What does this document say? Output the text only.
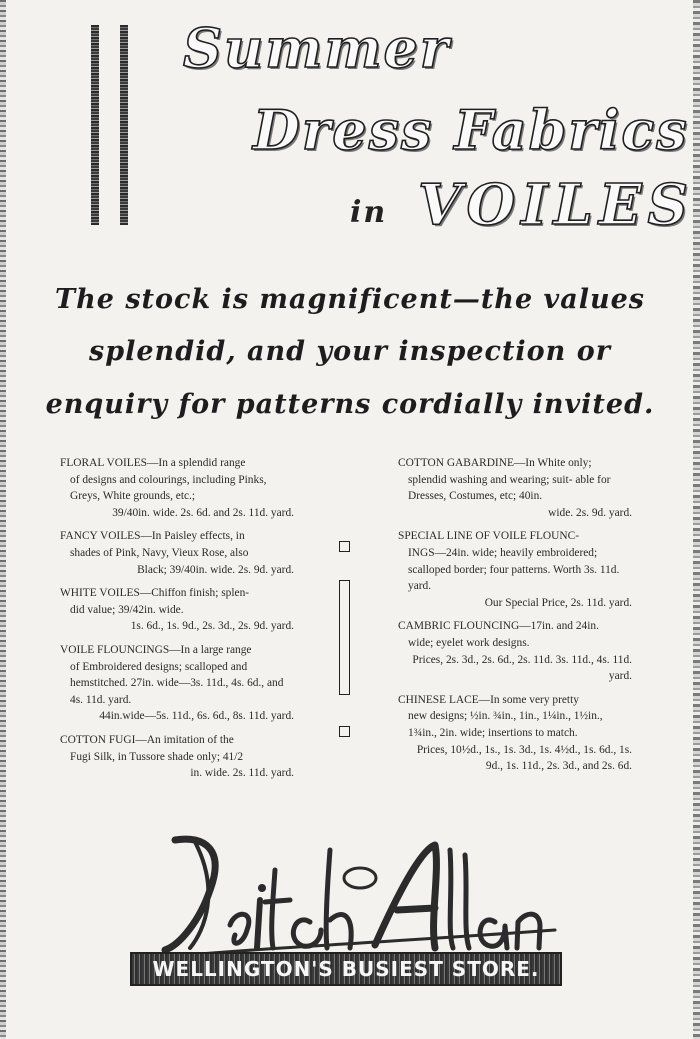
Summer
Dress Fabrics
in VOILES

The stock is magnificent—the values

splendid, and your inspection or

enquiry for patterns cordially invited.

FLORAL VOILES—In a splendid range
of designs and colourings, including Pinks, Greys, White grounds, etc.;
39/40in. wide. 2s. 6d. and 2s. 11d. yard.
FANCY VOILES—In Paisley effects, in
shades of Pink, Navy, Vieux Rose, also
Black; 39/40in. wide. 2s. 9d. yard.
WHITE VOILES—Chiffon finish; splen-
did value; 39/42in. wide.
1s. 6d., 1s. 9d., 2s. 3d., 2s. 9d. yard.
VOILE FLOUNCINGS—In a large range
of Embroidered designs; scalloped and hemstitched. 27in. wide—3s. 11d., 4s. 6d., and 4s. 11d. yard.
44in.wide—5s. 11d., 6s. 6d., 8s. 11d. yard.
COTTON FUGI—An imitation of the
Fugi Silk, in Tussore shade only; 41/2
in. wide. 2s. 11d. yard.
COTTON GABARDINE—In White only;
splendid washing and wearing; suit- able for Dresses, Costumes, etc; 40in.
wide. 2s. 9d. yard.
SPECIAL LINE OF VOILE FLOUNC-
INGS—24in. wide; heavily embroidered; scalloped border; four patterns. Worth 3s. 11d. yard.
Our Special Price, 2s. 11d. yard.
CAMBRIC FLOUNCING—17in. and 24in.
wide; eyelet work designs.
Prices, 2s. 3d., 2s. 6d., 2s. 11d. 3s. 11d., 4s. 11d. yard.
CHINESE LACE—In some very pretty
new designs; ½in. ¾in., 1in., 1¼in., 1½in., 1¾in., 2in. wide; insertions to match.
Prices, 10½d., 1s., 1s. 3d., 1s. 4½d., 1s. 6d., 1s. 9d., 1s. 11d., 2s. 3d., and 2s. 6d.
WELLINGTON'S BUSIEST STORE.
